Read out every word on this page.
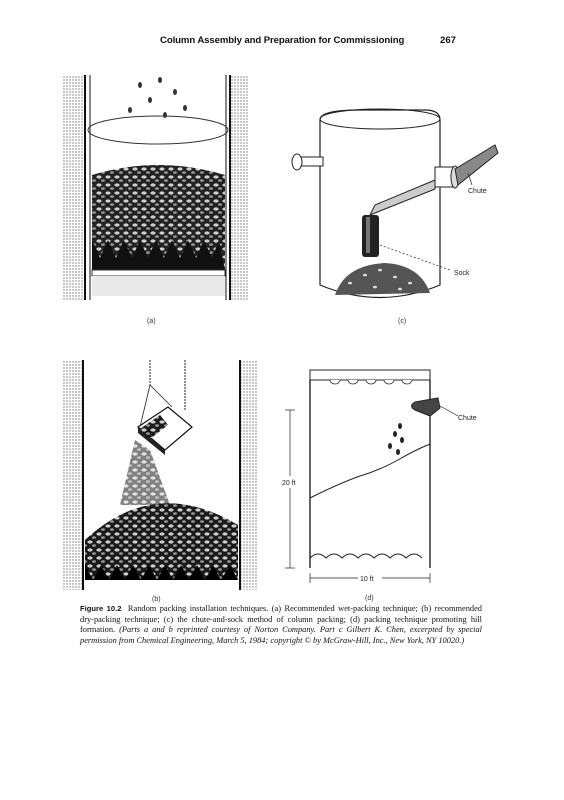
Column Assembly and Preparation for Commissioning	267
(a)
Chute
Sock
(c)
(b)
Chute
20 ft
10 ft
(d)
Figure 10.2 Random packing installation techniques. (a) Recommended wet-packing technique; (b) recommended dry-packing technique; (c) the chute-and-sock method of column packing; (d) packing technique promoting hill formation. (Parts a and b reprinted courtesy of Norton Company. Part c Gilbert K. Chen, excerpted by special permission from Chemical Engineering, March 5, 1984; copyright © by McGraw-Hill, Inc., New York, NY 10020.)
